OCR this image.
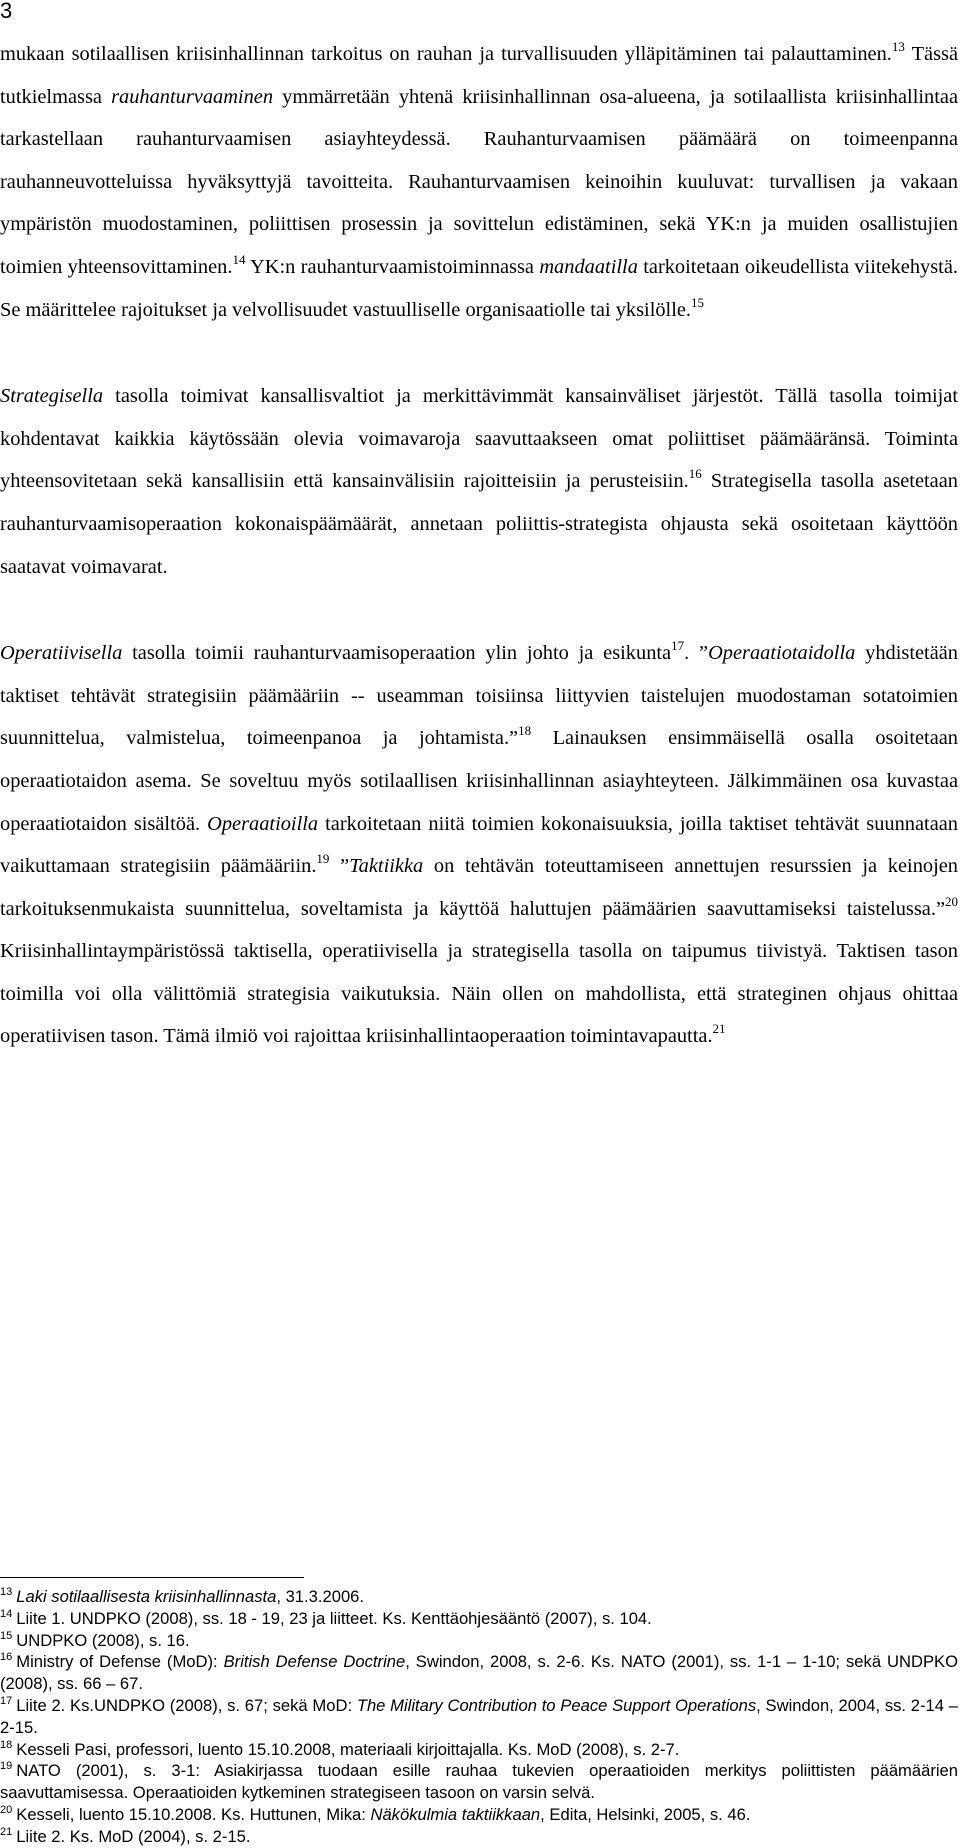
3

mukaan sotilaallisen kriisinhallinnan tarkoitus on rauhan ja turvallisuuden ylläpitäminen tai palauttaminen.$^{13}$ Tässä tutkielmassa rauhanturvaaminen ymmärretään yhtenä kriisinhallinnan osa-alueena, ja sotilaallista kriisinhallintaa tarkastellaan rauhanturvaamisen asiayhteydessä. Rauhanturvaamisen päämäärä on toimeenpanna rauhanneuvotteluissa hyväksyttyjä tavoitteita. Rauhanturvaamisen keinoihin kuuluvat: turvallisen ja vakaan ympäristön muodostaminen, poliittisen prosessin ja sovittelun edistäminen, sekä YK:n ja muiden osallistujien toimien yhteensovittaminen.$^{14}$ YK:n rauhanturvaamistoiminnassa mandaatilla tarkoitetaan oikeudellista viitekehystä. Se määrittelee rajoitukset ja velvollisuudet vastuulliselle organisaatiolle tai yksilölle.$^{15}$

Strategisella tasolla toimivat kansallisvaltiot ja merkittävimmät kansainväliset järjestöt. Tällä tasolla toimijat kohdentavat kaikkia käytössään olevia voimavaroja saavuttaakseen omat poliittiset päämääränsä. Toiminta yhteensovitetaan sekä kansallisiin että kansainvälisiin rajoitteisiin ja perusteisiin.$^{16}$ Strategisella tasolla asetetaan rauhanturvaamisoperaation kokonaispäämäärät, annetaan poliittis-strategista ohjausta sekä osoitetaan käyttöön saatavat voimavarat.

Operatiivisella tasolla toimii rauhanturvaamisoperaation ylin johto ja esikunta$^{17}$. ”Operaatiotaidolla yhdistetään taktiset tehtävät strategisiin päämääriin -- useamman toisiinsa liittyvien taistelujen muodostaman sotatoimien suunnittelua, valmistelua, toimeenpanoa ja johtamista.”$^{18}$ Lainauksen ensimmäisellä osalla osoitetaan operaatiotaidon asema. Se soveltuu myös sotilaallisen kriisinhallinnan asiayhteyteen. Jälkimmäinen osa kuvastaa operaatiotaidon sisältöä. Operaatioilla tarkoitetaan niitä toimien kokonaisuuksia, joilla taktiset tehtävät suunnataan vaikuttamaan strategisiin päämääriin.$^{19}$ ”Taktiikka on tehtävän toteuttamiseen annettujen resurssien ja keinojen tarkoituksenmukaista suunnittelua, soveltamista ja käyttöä haluttujen päämäärien saavuttamiseksi taistelussa.”$^{20}$ Kriisinhallintaympäristössä taktisella, operatiivisella ja strategisella tasolla on taipumus tiivistyä. Taktisen tason toimilla voi olla välittömiä strategisia vaikutuksia. Näin ollen on mahdollista, että strateginen ohjaus ohittaa operatiivisen tason. Tämä ilmiö voi rajoittaa kriisinhallintaoperaation toimintavapautta.$^{21}$

$^{13}$ Laki sotilaallisesta kriisinhallinnasta, 31.3.2006.

$^{14}$ Liite 1. UNDPKO (2008), ss. 18 - 19, 23 ja liitteet. Ks. Kenttäohjesääntö (2007), s. 104.

$^{15}$ UNDPKO (2008), s. 16.

$^{16}$ Ministry of Defense (MoD): British Defense Doctrine, Swindon, 2008, s. 2-6. Ks. NATO (2001), ss. 1-1 – 1-10; sekä UNDPKO (2008), ss. 66 – 67.

$^{17}$ Liite 2. Ks.UNDPKO (2008), s. 67; sekä MoD: The Military Contribution to Peace Support Operations, Swindon, 2004, ss. 2-14 – 2-15.

$^{18}$ Kesseli Pasi, professori, luento 15.10.2008, materiaali kirjoittajalla. Ks. MoD (2008), s. 2-7.

$^{19}$ NATO (2001), s. 3-1: Asiakirjassa tuodaan esille rauhaa tukevien operaatioiden merkitys poliittisten päämäärien saavuttamisessa. Operaatioiden kytkeminen strategiseen tasoon on varsin selvä.

$^{20}$ Kesseli, luento 15.10.2008. Ks. Huttunen, Mika: Näkökulmia taktiikkaan, Edita, Helsinki, 2005, s. 46.

$^{21}$ Liite 2. Ks. MoD (2004), s. 2-15.
